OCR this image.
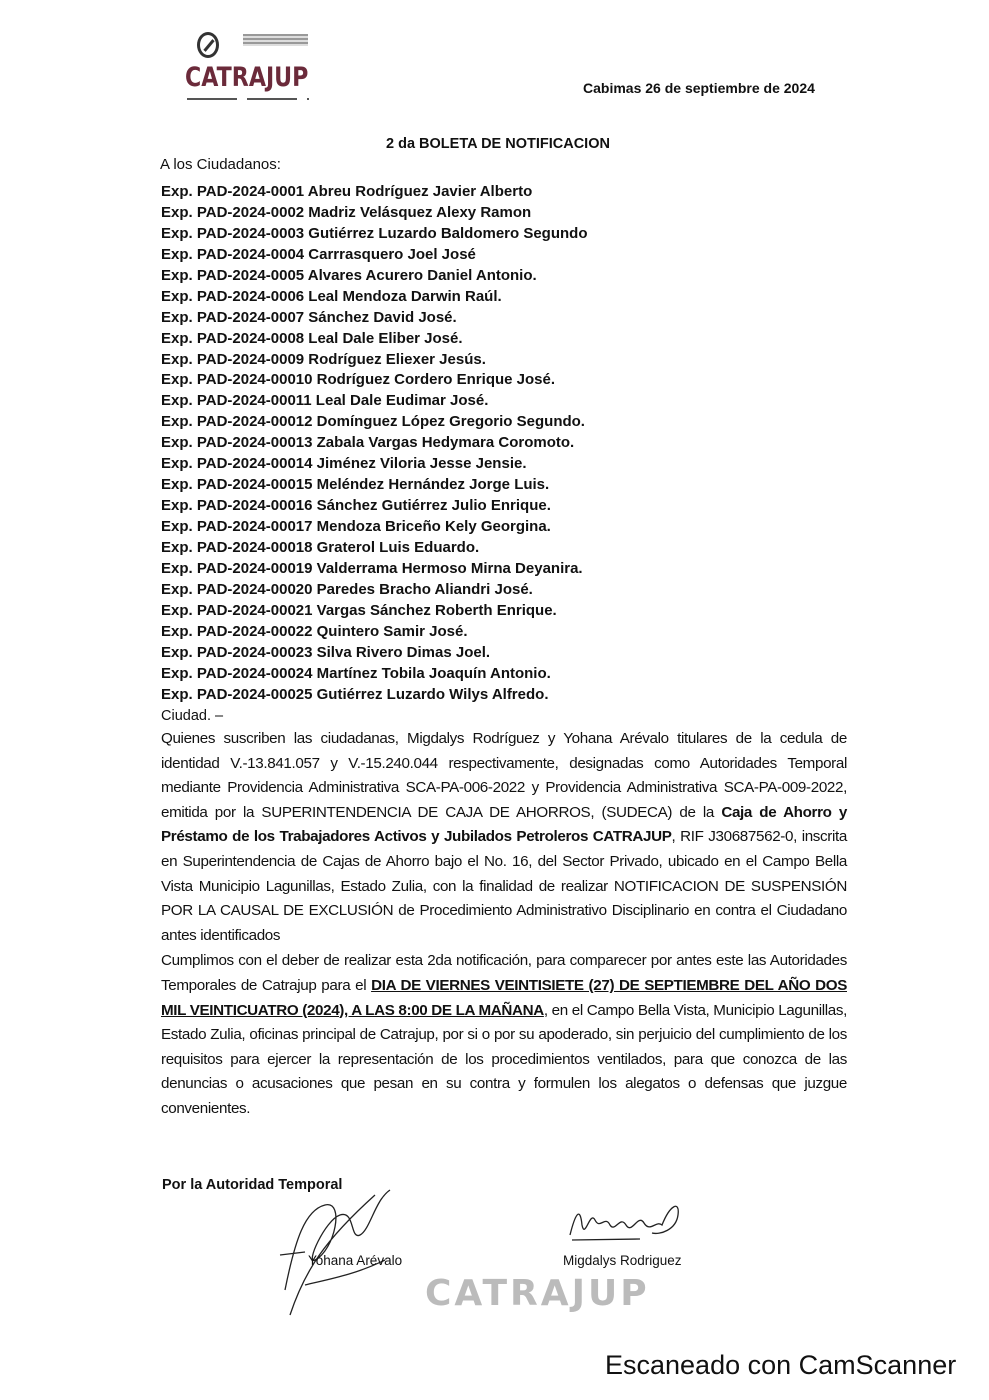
CATRAJUP	Cabimas 26 de septiembre de 2024
2 da BOLETA DE NOTIFICACION
A los Ciudadanos:
Exp. PAD-2024-0001 Abreu Rodríguez Javier Alberto
Exp. PAD-2024-0002 Madriz Velásquez Alexy Ramon
Exp. PAD-2024-0003 Gutiérrez Luzardo Baldomero Segundo
Exp. PAD-2024-0004 Carrrasquero Joel José
Exp. PAD-2024-0005 Alvares Acurero Daniel Antonio.
Exp. PAD-2024-0006 Leal Mendoza Darwin Raúl.
Exp. PAD-2024-0007 Sánchez David José.
Exp. PAD-2024-0008 Leal Dale Eliber José.
Exp. PAD-2024-0009 Rodríguez Eliexer Jesús.
Exp. PAD-2024-00010 Rodríguez Cordero Enrique José.
Exp. PAD-2024-00011 Leal Dale Eudimar José.
Exp. PAD-2024-00012 Domínguez López Gregorio Segundo.
Exp. PAD-2024-00013 Zabala Vargas Hedymara Coromoto.
Exp. PAD-2024-00014 Jiménez Viloria Jesse Jensie.
Exp. PAD-2024-00015 Meléndez Hernández Jorge Luis.
Exp. PAD-2024-00016 Sánchez Gutiérrez Julio Enrique.
Exp. PAD-2024-00017 Mendoza Briceño Kely Georgina.
Exp. PAD-2024-00018 Graterol Luis Eduardo.
Exp. PAD-2024-00019 Valderrama Hermoso Mirna Deyanira.
Exp. PAD-2024-00020 Paredes Bracho Aliandri José.
Exp. PAD-2024-00021 Vargas Sánchez Roberth Enrique.
Exp. PAD-2024-00022 Quintero Samir José.
Exp. PAD-2024-00023 Silva Rivero Dimas Joel.
Exp. PAD-2024-00024 Martínez Tobila Joaquín Antonio.
Exp. PAD-2024-00025 Gutiérrez Luzardo Wilys Alfredo.
Ciudad. –
Quienes suscriben las ciudadanas, Migdalys Rodríguez y Yohana Arévalo titulares de la cedula de identidad V.-13.841.057 y V.-15.240.044 respectivamente, designadas como Autoridades Temporal mediante Providencia Administrativa SCA-PA-006-2022 y Providencia Administrativa SCA-PA-009-2022, emitida por la SUPERINTENDENCIA DE CAJA DE AHORROS, (SUDECA) de la Caja de Ahorro y Préstamo de los Trabajadores Activos y Jubilados Petroleros CATRAJUP, RIF J30687562-0, inscrita en Superintendencia de Cajas de Ahorro bajo el No. 16, del Sector Privado, ubicado en el Campo Bella Vista Municipio Lagunillas, Estado Zulia, con la finalidad de realizar NOTIFICACION DE SUSPENSIÓN POR LA CAUSAL DE EXCLUSIÓN de Procedimiento Administrativo Disciplinario en contra el Ciudadano antes identificados
Cumplimos con el deber de realizar esta 2da notificación, para comparecer por antes este las Autoridades Temporales de Catrajup para el DIA DE VIERNES VEINTISIETE (27) DE SEPTIEMBRE DEL AÑO DOS MIL VEINTICUATRO (2024), A LAS 8:00 DE LA MAÑANA, en el Campo Bella Vista, Municipio Lagunillas, Estado Zulia, oficinas principal de Catrajup, por si o por su apoderado, sin perjuicio del cumplimiento de los requisitos para ejercer la representación de los procedimientos ventilados, para que conozca de las denuncias o acusaciones que pesan en su contra y formulen los alegatos o defensas que juzgue convenientes.
Por la Autoridad Temporal
CATRAJUP
Yohana Arévalo	Migdalys Rodriguez
Escaneado con CamScanner
